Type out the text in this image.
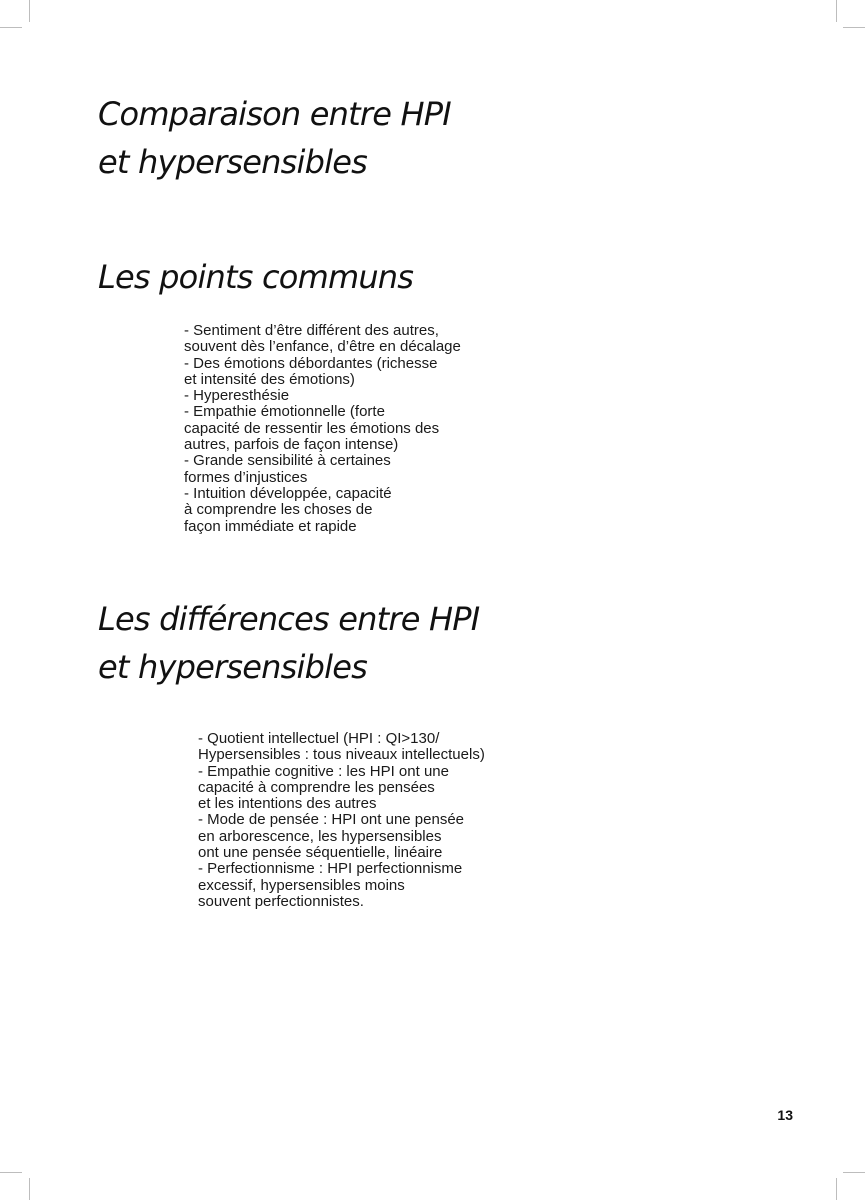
Comparaison entre HPI
et hypersensibles
Les points communs
- Sentiment d’être différent des autres,
souvent dès l’enfance, d’être en décalage
- Des émotions débordantes (richesse
et intensité des émotions)
- Hyperesthésie
- Empathie émotionnelle (forte
capacité de ressentir les émotions des
autres, parfois de façon intense)
- Grande sensibilité à certaines
formes d’injustices
- Intuition développée, capacité
à comprendre les choses de
façon immédiate et rapide
Les différences entre HPI
et hypersensibles
- Quotient intellectuel (HPI : QI>130/
Hypersensibles : tous niveaux intellectuels)
- Empathie cognitive : les HPI ont une
capacité à comprendre les pensées
et les intentions des autres
- Mode de pensée : HPI ont une pensée
en arborescence, les hypersensibles
ont une pensée séquentielle, linéaire
- Perfectionnisme : HPI perfectionnisme
excessif, hypersensibles moins
souvent perfectionnistes.
13
